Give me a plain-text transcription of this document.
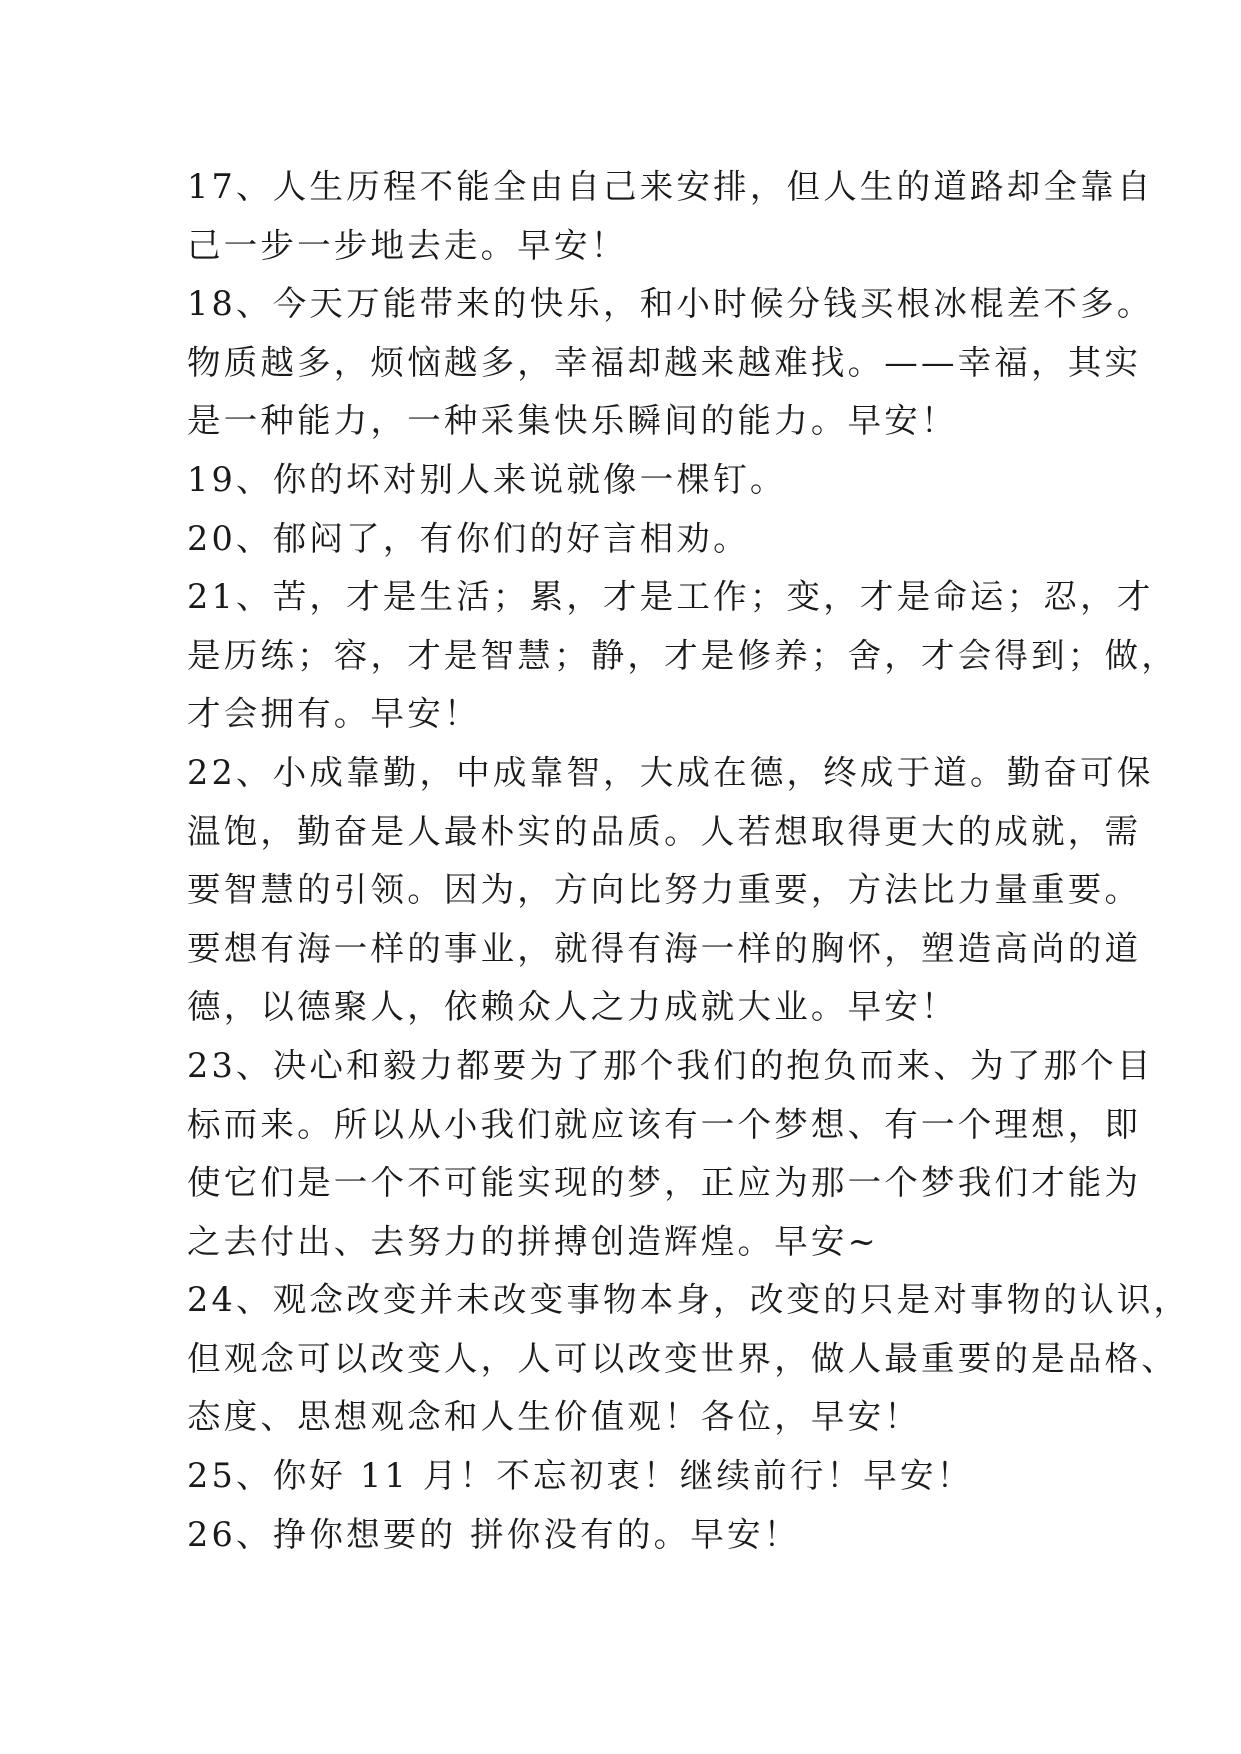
17、人生历程不能全由自己来安排，但人生的道路却全靠自
己一步一步地去走。早安！
18、今天万能带来的快乐，和小时候分钱买根冰棍差不多。
物质越多，烦恼越多，幸福却越来越难找。——幸福，其实
是一种能力，一种采集快乐瞬间的能力。早安！
19、你的坏对别人来说就像一棵钉。
20、郁闷了，有你们的好言相劝。
21、苦，才是生活；累，才是工作；变，才是命运；忍，才
是历练；容，才是智慧；静，才是修养；舍，才会得到；做，
才会拥有。早安！
22、小成靠勤，中成靠智，大成在德，终成于道。勤奋可保
温饱，勤奋是人最朴实的品质。人若想取得更大的成就，需
要智慧的引领。因为，方向比努力重要，方法比力量重要。
要想有海一样的事业，就得有海一样的胸怀，塑造高尚的道
德，以德聚人，依赖众人之力成就大业。早安！
23、决心和毅力都要为了那个我们的抱负而来、为了那个目
标而来。所以从小我们就应该有一个梦想、有一个理想，即
使它们是一个不可能实现的梦，正应为那一个梦我们才能为
之去付出、去努力的拼搏创造辉煌。早安~
24、观念改变并未改变事物本身，改变的只是对事物的认识，
但观念可以改变人，人可以改变世界，做人最重要的是品格、
态度、思想观念和人生价值观！各位，早安！
25、你好 11 月！不忘初衷！继续前行！早安！
26、挣你想要的 拼你没有的。早安！
